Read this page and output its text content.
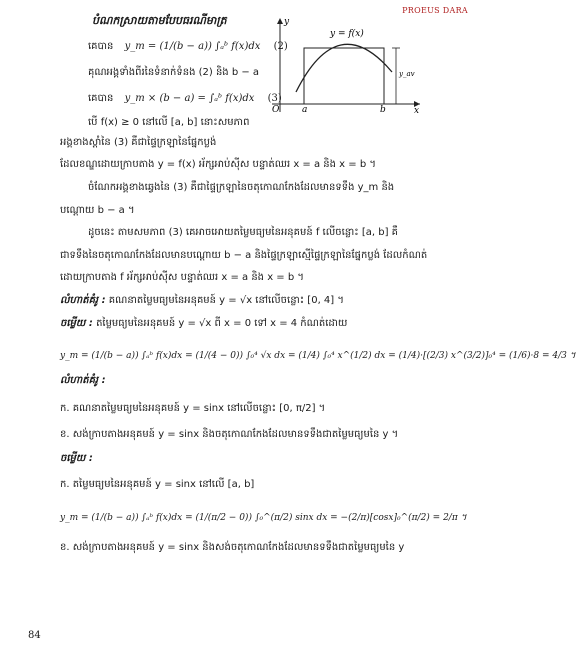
PROEUS DARA
y
y = f(x)
y_av
O	a	b	x
បំណកស្រាយតាមបែបធរណីមាត្រ
គេបាន y_m = (1/(b − a)) ∫ₐᵇ f(x)dx (2)
គុណអង្គទាំងពីរនៃទំនាក់ទំនង (2) និង b − a
គេបាន y_m × (b − a) = ∫ₐᵇ f(x)dx (3)
បើ f(x) ≥ 0 នៅលើ [a, b] នោះសមភាព
អង្គខាងស្ដាំនៃ (3) គឺជាផ្ទៃក្រឡានៃផ្នែកប្លង់
ដែលខណ្ឌដោយក្រាបតាង y = f(x) អ័ក្សអាប់ស៊ីស បន្ទាត់ឈរ x = a និង x = b ។
ចំណែកអង្គខាងឆ្វេងនៃ (3) គឺជាផ្ទៃក្រឡានៃចតុកោណកែងដែលមានទទឹង y_m និង
បណ្ដោយ b − a ។
ដូចនេះ តាមសមភាព (3) គេអាចអោយតម្លៃមធ្យមនៃអនុគមន៍ f លើចន្លោះ [a, b] គឺ
ជាទទឹងនៃចតុកោណកែងដែលមានបណ្ដោយ b − a និងផ្ទៃក្រឡាស្មើផ្ទៃក្រឡានៃផ្នែកប្លង់ ដែលកំណត់
ដោយក្រាបតាង f អ័ក្សអាប់ស៊ីស បន្ទាត់ឈរ x = a និង x = b ។
លំហាត់គំរូ : គណនាតម្លៃមធ្យមនៃអនុគមន៍ y = √x នៅលើចន្លោះ [0, 4] ។
ចម្លើយ : តម្លៃមធ្យមនៃអនុគមន៍ y = √x ពី x = 0 ទៅ x = 4 កំណត់ដោយ
y_m = (1/(b − a)) ∫ₐᵇ f(x)dx = (1/(4 − 0)) ∫₀⁴ √x dx = (1/4) ∫₀⁴ x^(1/2) dx = (1/4)·[(2/3) x^(3/2)]₀⁴ = (1/6)·8 = 4/3 ។
លំហាត់គំរូ :
ក. គណនាតម្លៃមធ្យមនៃអនុគមន៍ y = sinx នៅលើចន្លោះ [0, π/2] ។
ខ. សង់ក្រាបតាងអនុគមន៍ y = sinx និងចតុកោណកែងដែលមានទទឹងជាតម្លៃមធ្យមនៃ y ។
ចម្លើយ :
ក. តម្លៃមធ្យមនៃអនុគមន៍ y = sinx នៅលើ [a, b]
y_m = (1/(b − a)) ∫ₐᵇ f(x)dx = (1/(π/2 − 0)) ∫₀^(π/2) sinx dx = −(2/π)[cosx]₀^(π/2) = 2/π ។
ខ. សង់ក្រាបតាងអនុគមន៍ y = sinx និងសង់ចតុកោណកែងដែលមានទទឹងជាតម្លៃមធ្យមនៃ y
84
